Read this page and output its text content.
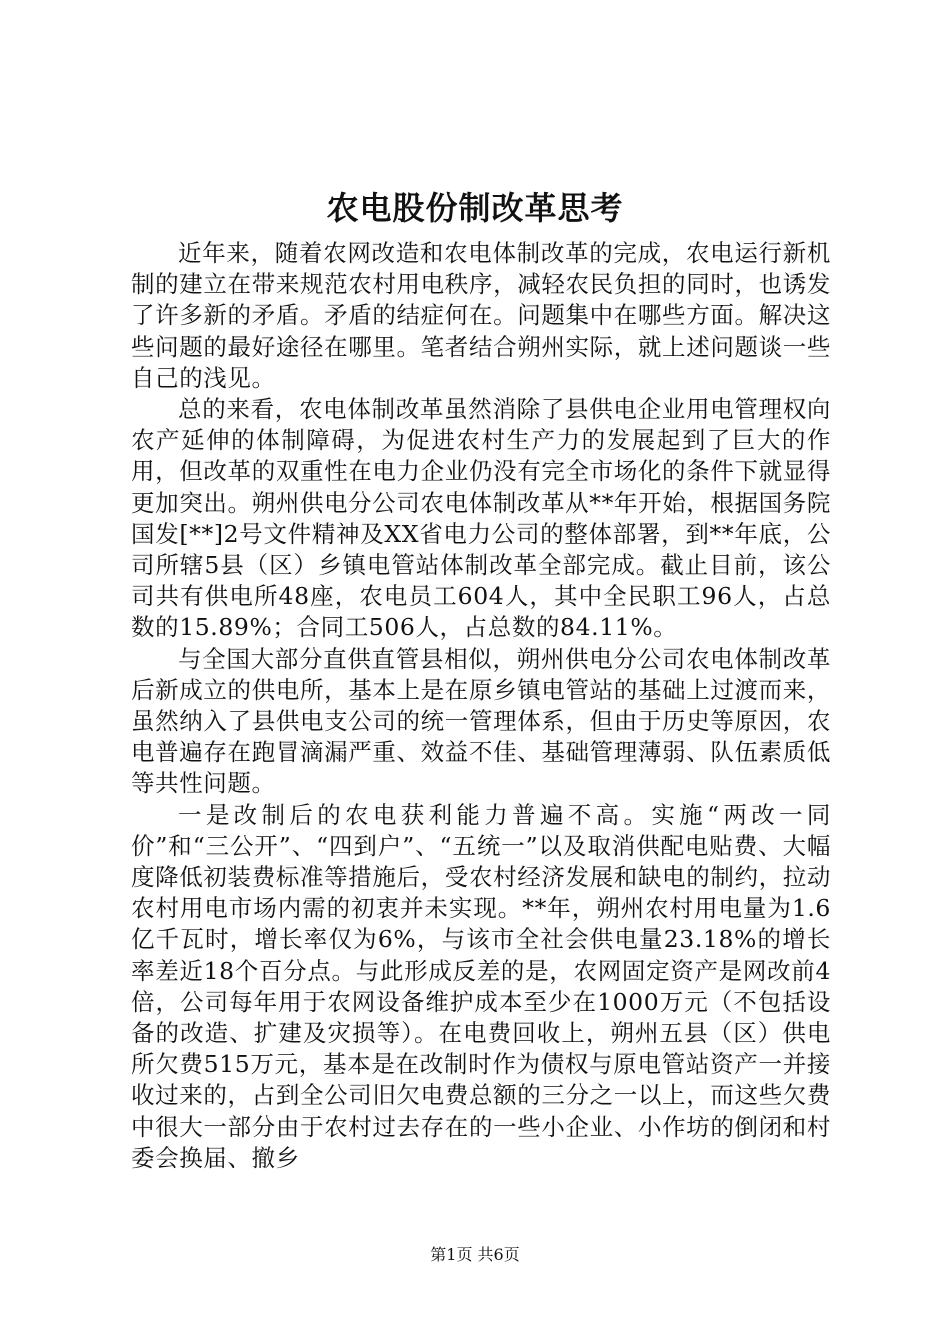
农电股份制改革思考

近年来，随着农网改造和农电体制改革的完成，农电运行新机制的建立在带来规范农村用电秩序，减轻农民负担的同时，也诱发了许多新的矛盾。矛盾的结症何在。问题集中在哪些方面。解决这些问题的最好途径在哪里。笔者结合朔州实际，就上述问题谈一些自己的浅见。

总的来看，农电体制改革虽然消除了县供电企业用电管理权向农产延伸的体制障碍，为促进农村生产力的发展起到了巨大的作用，但改革的双重性在电力企业仍没有完全市场化的条件下就显得更加突出。朔州供电分公司农电体制改革从**年开始，根据国务院国发[**]2号文件精神及XX省电力公司的整体部署，到**年底，公司所辖5县（区）乡镇电管站体制改革全部完成。截止目前，该公司共有供电所48座，农电员工604人，其中全民职工96人，占总数的15.89%；合同工506人，占总数的84.11%。

与全国大部分直供直管县相似，朔州供电分公司农电体制改革后新成立的供电所，基本上是在原乡镇电管站的基础上过渡而来，虽然纳入了县供电支公司的统一管理体系，但由于历史等原因，农电普遍存在跑冒滴漏严重、效益不佳、基础管理薄弱、队伍素质低等共性问题。

一是改制后的农电获利能力普遍不高。实施“两改一同价”和“三公开”、“四到户”、“五统一”以及取消供配电贴费、大幅度降低初装费标准等措施后，受农村经济发展和缺电的制约，拉动农村用电市场内需的初衷并未实现。**年，朔州农村用电量为1.6亿千瓦时，增长率仅为6%，与该市全社会供电量23.18%的增长率差近18个百分点。与此形成反差的是，农网固定资产是网改前4倍，公司每年用于农网设备维护成本至少在1000万元（不包括设备的改造、扩建及灾损等）。在电费回收上，朔州五县（区）供电所欠费515万元，基本是在改制时作为债权与原电管站资产一并接收过来的，占到全公司旧欠电费总额的三分之一以上，而这些欠费中很大一部分由于农村过去存在的一些小企业、小作坊的倒闭和村委会换届、撤乡

第1页 共6页
